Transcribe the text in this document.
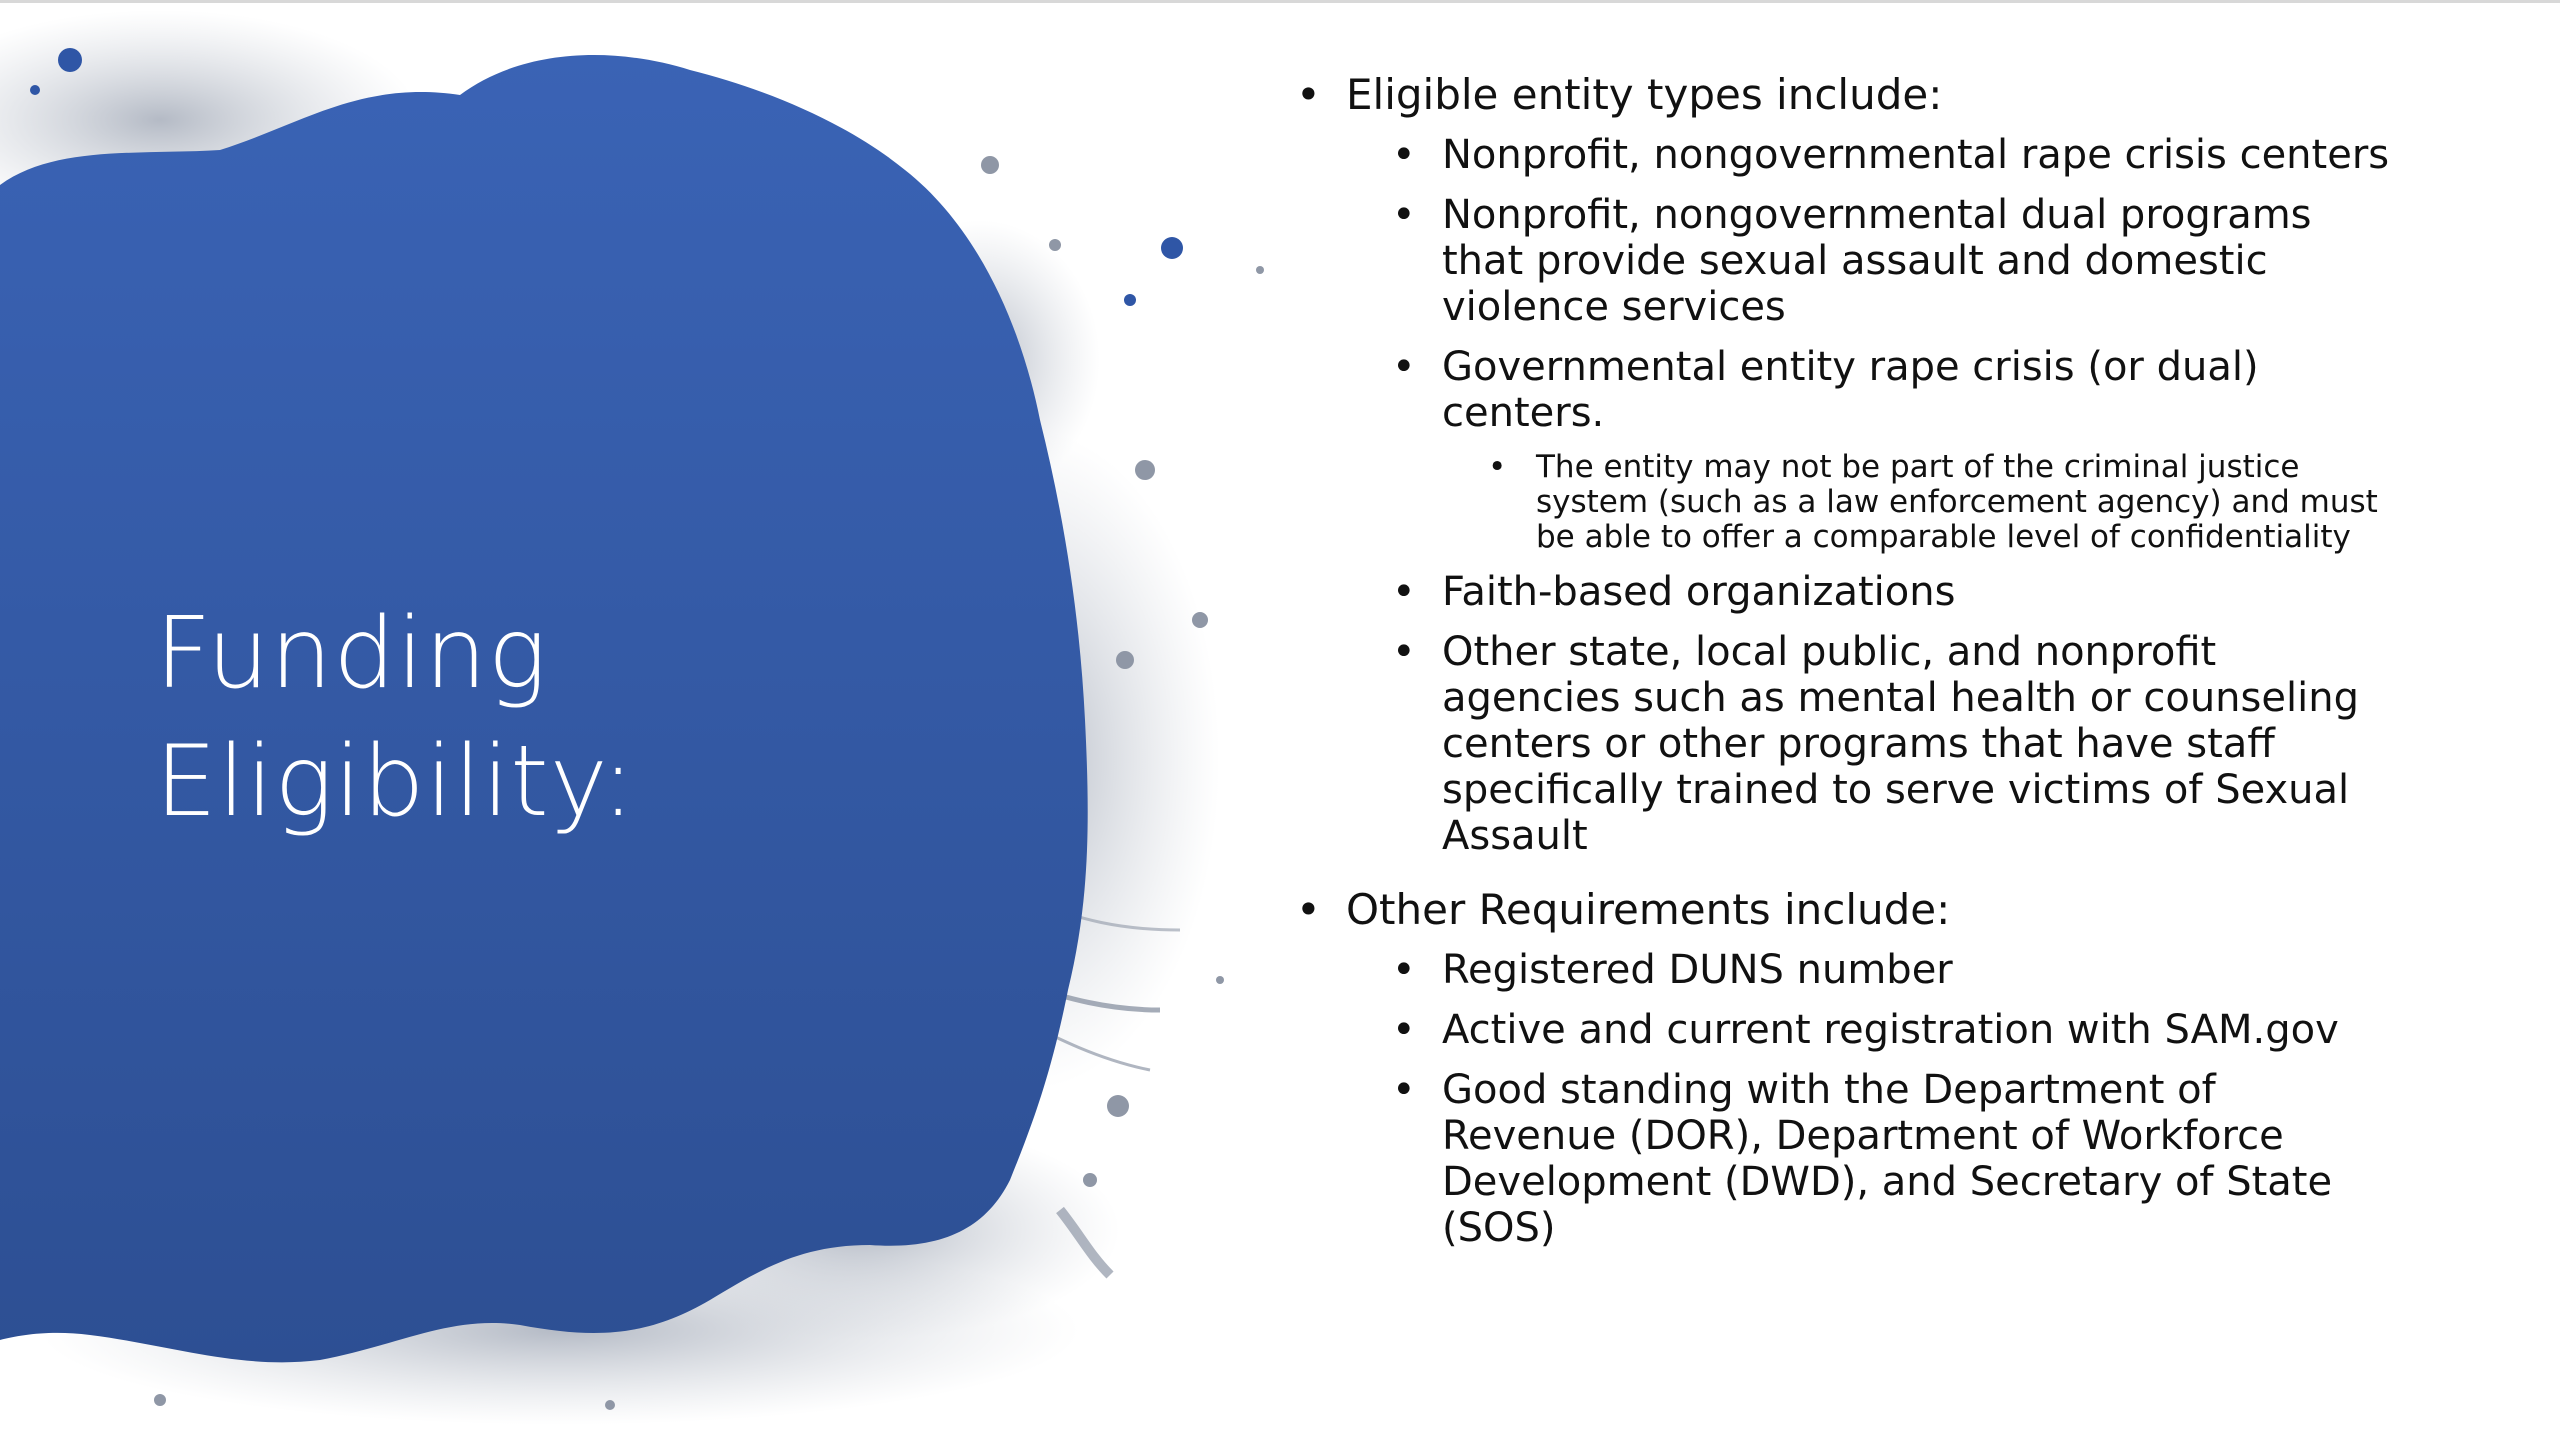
Funding
Eligibility:
• Eligible entity types include:
• Nonprofit, nongovernmental rape crisis centers
• Nonprofit, nongovernmental dual programs that provide sexual assault and domestic violence services
• Governmental entity rape crisis (or dual) centers.
• The entity may not be part of the criminal justice system (such as a law enforcement agency) and must be able to offer a comparable level of confidentiality
• Faith-based organizations
• Other state, local public, and nonprofit agencies such as mental health or counseling centers or other programs that have staff specifically trained to serve victims of Sexual Assault
• Other Requirements include:
• Registered DUNS number
• Active and current registration with SAM.gov
• Good standing with the Department of Revenue (DOR), Department of Workforce Development (DWD), and Secretary of State (SOS)
